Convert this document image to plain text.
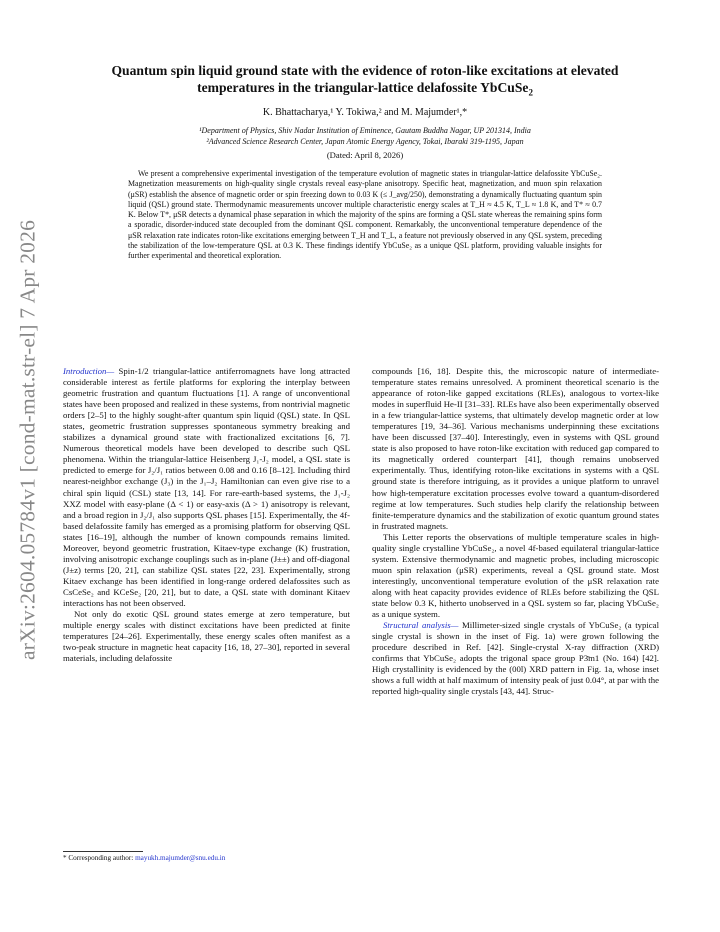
arXiv:2604.05784v1 [cond-mat.str-el] 7 Apr 2026
Quantum spin liquid ground state with the evidence of roton-like excitations at elevated
temperatures in the triangular-lattice delafossite YbCuSe$_2$
K. Bhattacharya,¹ Y. Tokiwa,² and M. Majumder¹,*
¹Department of Physics, Shiv Nadar Institution of Eminence, Gautam Buddha Nagar, UP 201314, India
²Advanced Science Research Center, Japan Atomic Energy Agency, Tokai, Ibaraki 319-1195, Japan
(Dated: April 8, 2026)

We present a comprehensive experimental investigation of the temperature evolution of magnetic states in triangular-lattice delafossite YbCuSe₂. Magnetization measurements on high-quality single crystals reveal easy-plane anisotropy. Specific heat, magnetization, and muon spin relaxation (μSR) establish the absence of magnetic order or spin freezing down to 0.03 K (≤ J_avg/250), demonstrating a dynamically fluctuating quantum spin liquid (QSL) ground state. Thermodynamic measurements uncover multiple characteristic energy scales at T_H ≈ 4.5 K, T_L ≈ 1.8 K, and T* ≈ 0.7 K. Below T*, μSR detects a dynamical phase separation in which the majority of the spins are forming a QSL state whereas the remaining spins form a sporadic, disorder-induced state decoupled from the dominant QSL component. Remarkably, the unconventional temperature dependence of the μSR relaxation rate indicates roton-like excitations emerging between T_H and T_L, a feature not previously observed in any QSL system, preceding the stabilization of the low-temperature QSL at 0.3 K. These findings identify YbCuSe₂ as a unique QSL platform, providing valuable insights for further experimental and theoretical exploration.

Introduction— Spin-1/2 triangular-lattice antiferromagnets have long attracted considerable interest as fertile platforms for exploring the interplay between geometric frustration and quantum fluctuations [1]. A range of unconventional states have been proposed and realized in these systems, from nontrivial magnetic orders [2–5] to the highly sought-after quantum spin liquid (QSL) state. In QSL states, geometric frustration suppresses spontaneous symmetry breaking and stabilizes a dynamical ground state with fractionalized excitations [6, 7]. Numerous theoretical models have been developed to describe such QSL phenomena. Within the triangular-lattice Heisenberg J₁-J₂ model, a QSL state is predicted to emerge for J₂/J₁ ratios between 0.08 and 0.16 [8–12]. Including third nearest-neighbor exchange (J₃) in the J₁–J₂ Hamiltonian can even give rise to a chiral spin liquid (CSL) state [13, 14]. For rare-earth-based systems, the J₁-J₂ XXZ model with easy-plane (Δ < 1) or easy-axis (Δ > 1) anisotropy is relevant, and a broad region in J₂/J₁ also supports QSL phases [15]. Experimentally, the 4f-based delafossite family has emerged as a promising platform for observing QSL states [16–19], although the number of known compounds remains limited. Moreover, beyond geometric frustration, Kitaev-type exchange (K) frustration, involving anisotropic exchange couplings such as in-plane (J±±) and off-diagonal (J±z) terms [20, 21], can stabilize QSL states [22, 23]. Experimentally, strong Kitaev exchange has been identified in long-range ordered delafossites such as CsCeSe₂ and KCeSe₂ [20, 21], but to date, a QSL state with dominant Kitaev interactions has not been observed.

Not only do exotic QSL ground states emerge at zero temperature, but multiple energy scales with distinct excitations have been predicted at finite temperatures [24–26]. Experimentally, these energy scales often manifest as a two-peak structure in magnetic heat capacity [16, 18, 27–30], reported in several materials, including delafossite

compounds [16, 18]. Despite this, the microscopic nature of intermediate-temperature states remains unresolved. A prominent theoretical scenario is the appearance of roton-like gapped excitations (RLEs), analogous to vortex-like modes in superfluid He-II [31–33]. RLEs have also been experimentally observed in a few triangular-lattice systems, that ultimately develop magnetic order at low temperatures [19, 34–36]. Various mechanisms underpinning these excitations have been discussed [37–40]. Interestingly, even in systems with QSL ground state is also proposed to have roton-like excitation with reduced gap compared to its magnetically ordered counterpart [41], though remains unobserved experimentally. Thus, identifying roton-like excitations in systems with a QSL ground state is therefore intriguing, as it provides a unique platform to unravel how high-temperature excitation processes evolve toward a quantum-disordered regime at low temperatures. Such studies help clarify the relationship between finite-temperature dynamics and the stabilization of exotic quantum ground states in frustrated magnets.

This Letter reports the observations of multiple temperature scales in high-quality single crystalline YbCuSe₂, a novel 4f-based equilateral triangular-lattice system. Extensive thermodynamic and magnetic probes, including microscopic muon spin relaxation (μSR) experiments, reveal a QSL ground state. Most interestingly, unconventional temperature evolution of the μSR relaxation rate along with heat capacity provides evidence of RLEs before stabilizing the QSL state below 0.3 K, hitherto unobserved in a QSL system so far, placing YbCuSe₂ as a unique system.

Structural analysis— Millimeter-sized single crystals of YbCuSe₂ (a typical single crystal is shown in the inset of Fig. 1a) were grown following the procedure described in Ref. [42]. Single-crystal X-ray diffraction (XRD) confirms that YbCuSe₂ adopts the trigonal space group P3̄m1 (No. 164) [42]. High crystallinity is evidenced by the (00l) XRD pattern in Fig. 1a, whose inset shows a full width at half maximum of intensity peak of just 0.04°, at par with the reported high-quality single crystals [43, 44]. Struc-

* Corresponding author: mayukh.majumder@snu.edu.in
